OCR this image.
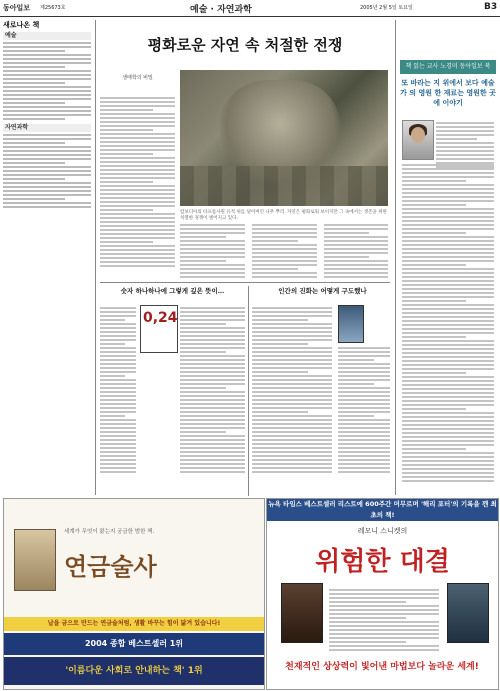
동아일보 제25673호	예술 · 자연과학	2005년 2월 5일 토요일	B3
새로나온 책
예술
자연과학
평화로운 자연 속 처절한 전쟁
생태학의 비밀
캄보디아의 타프롬사원 유적 위를 덮어버린 나무 뿌리. 자연은 평화로워 보이지만 그 속에서는 생존을 위한 치열한 경쟁이 벌어지고 있다.
숫자 하나하나에 그렇게 깊은 뜻이…
0,24
인간의 진화는 어떻게 구도했나
책 읽는 교사 노경미 동아일보 북
또 바라는 지 위에서 보다 예술가 의 영원 한 재료는 영원한 곳에 이야기
세계가 무엇이 왔는지 궁금한 범한 책.
연금술사
납을 금으로 만드는 연금술처럼, 생활 바꾸는 힘이 닮겨 있습니다!
2004 종합 베스트셀러 1위
'이름다운 사회로 안내하는 책' 1위
뉴욕 타임스 베스트셀러 리스트에 600주간 머무르며 '해리 포터'의 기록을 깬 최초의 책!
레모니 스니켓의
위험한 대결
천재적인 상상력이 빛어낸 마법보다 놀라운 세계!
